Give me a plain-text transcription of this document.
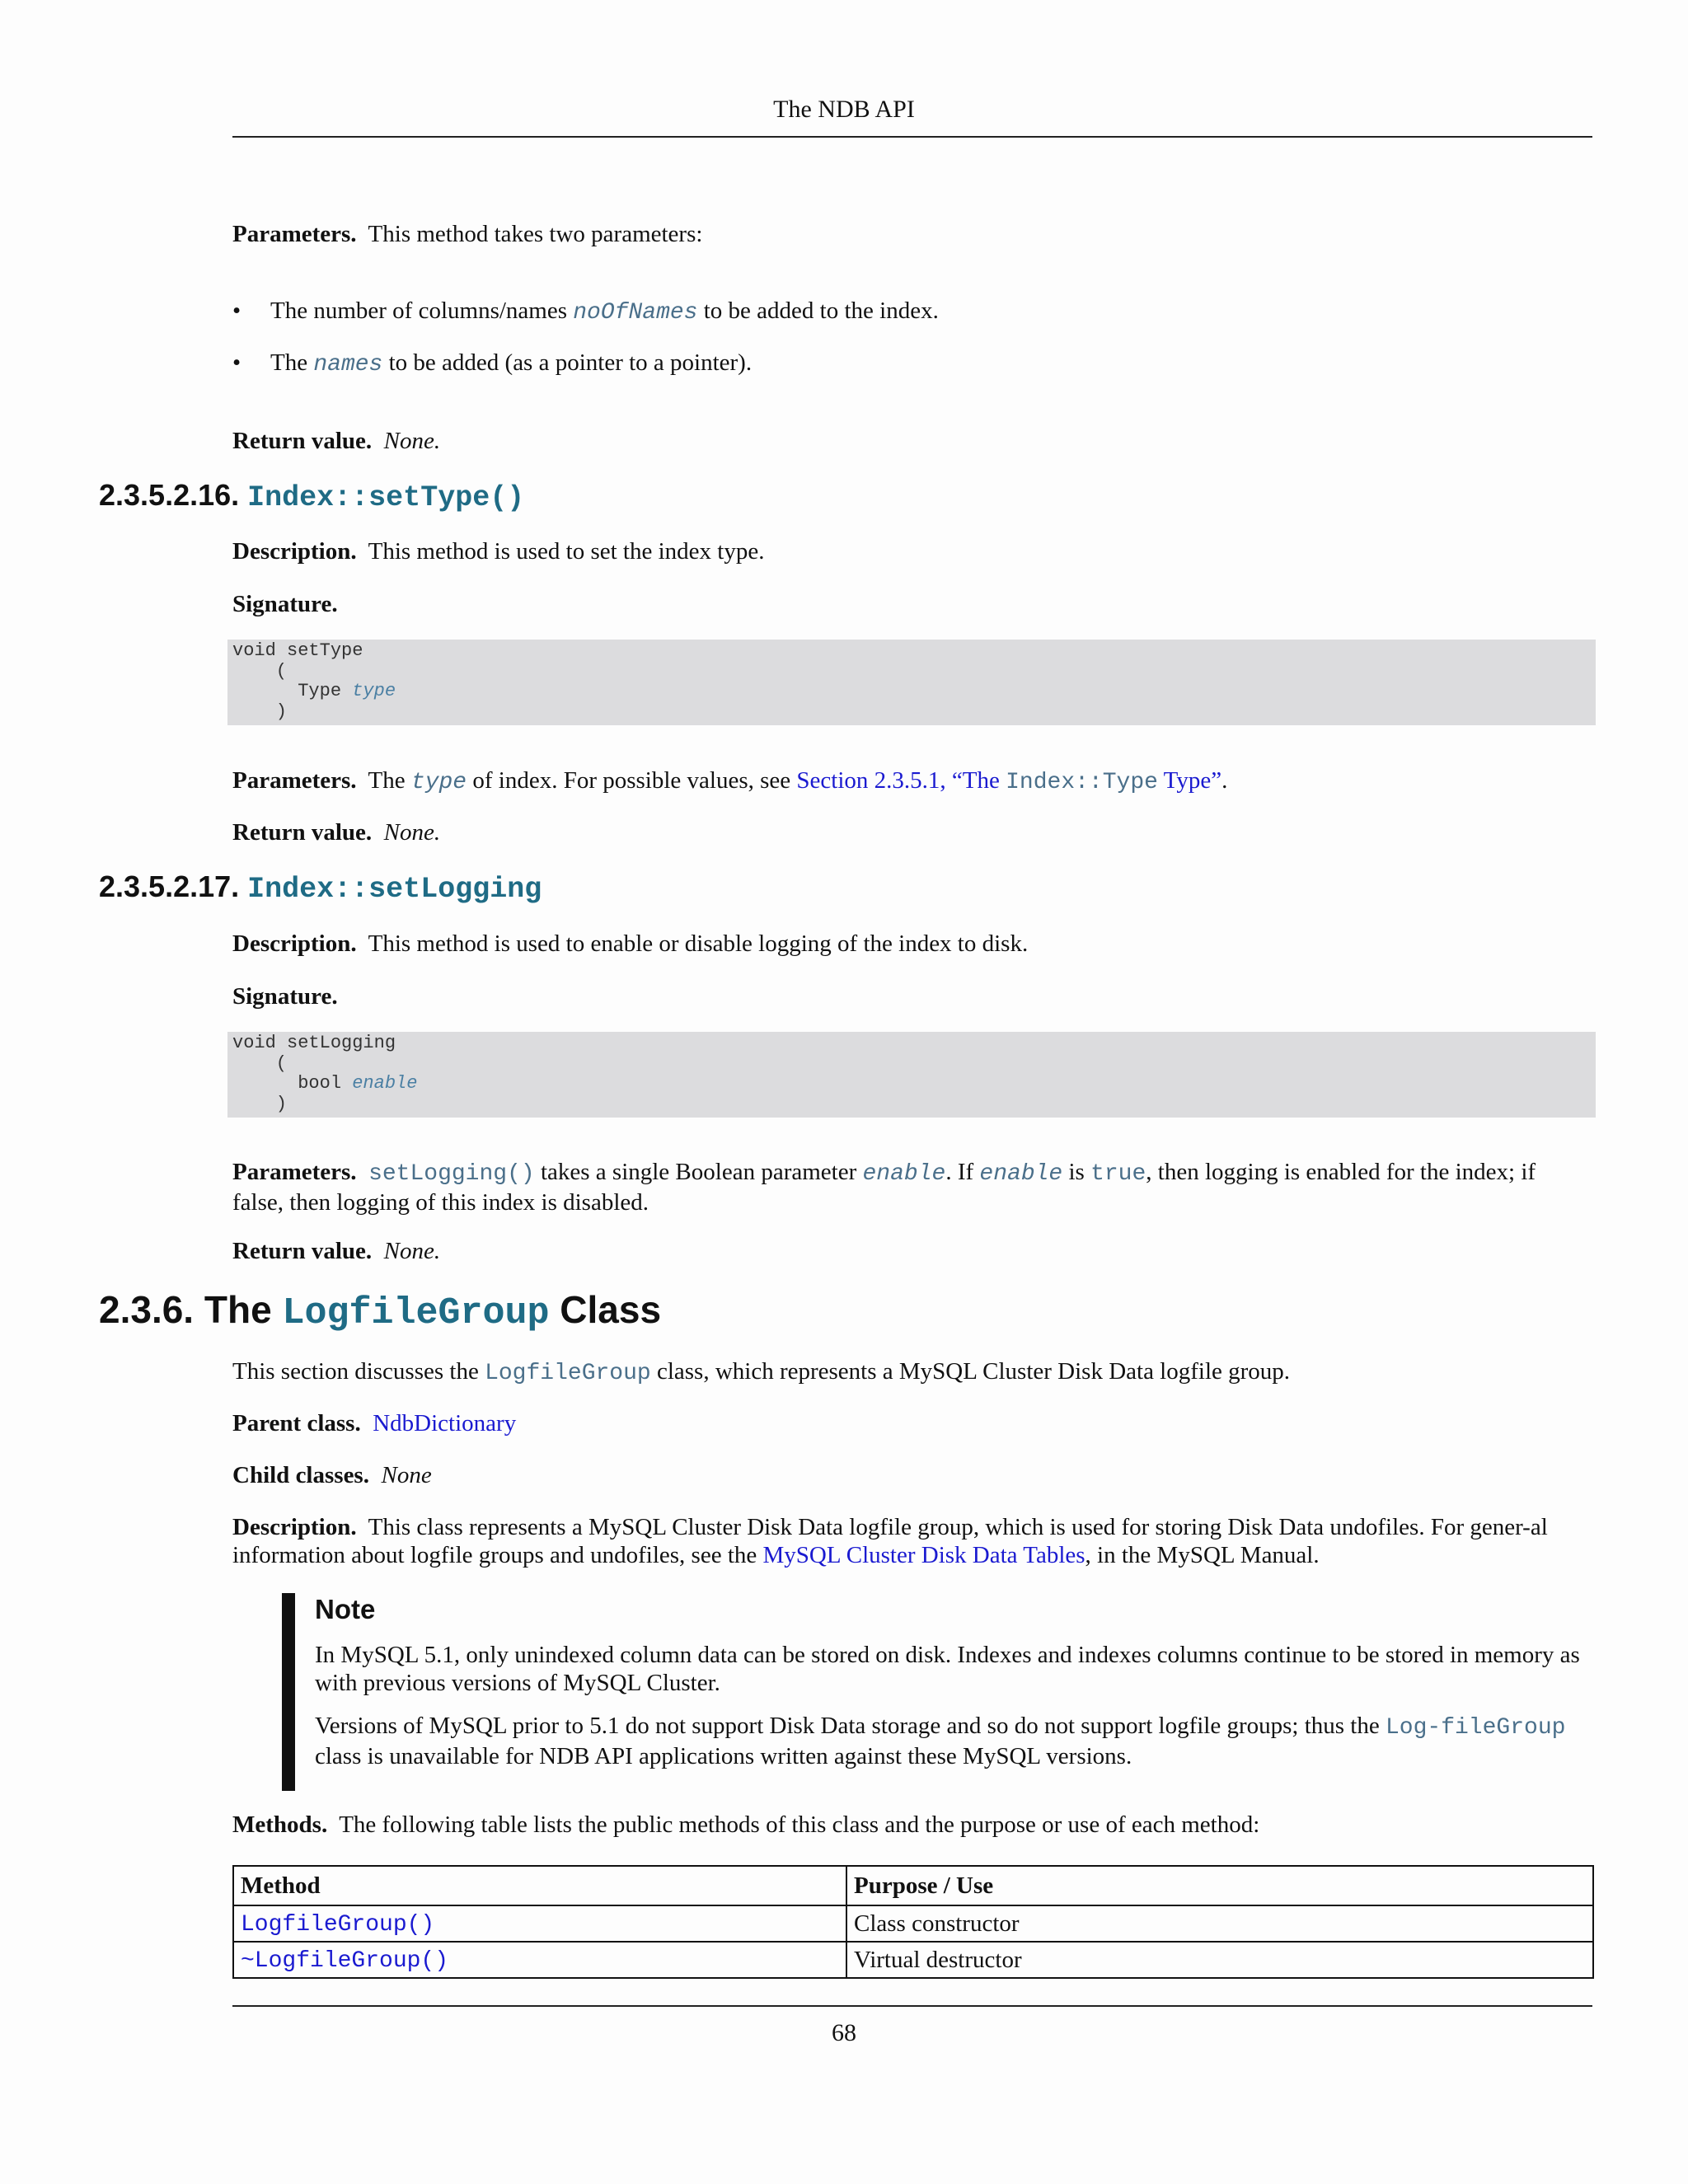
The NDB API
Parameters. This method takes two parameters:
• The number of columns/names noOfNames to be added to the index.
• The names to be added (as a pointer to a pointer).
Return value. None.
2.3.5.2.16. Index::setType()
Description. This method is used to set the index type.
Signature.
void setType
(
Type type
)
Parameters. The type of index. For possible values, see Section 2.3.5.1, “The Index::Type Type”.
Return value. None.
2.3.5.2.17. Index::setLogging
Description. This method is used to enable or disable logging of the index to disk.
Signature.
void setLogging
(
bool enable
)
Parameters. setLogging() takes a single Boolean parameter enable. If enable is true, then logging is enabled for the index; if false, then logging of this index is disabled.
Return value. None.
2.3.6. The LogfileGroup Class
This section discusses the LogfileGroup class, which represents a MySQL Cluster Disk Data logfile group.
Parent class. NdbDictionary
Child classes. None
Description. This class represents a MySQL Cluster Disk Data logfile group, which is used for storing Disk Data undofiles. For gener-al information about logfile groups and undofiles, see the MySQL Cluster Disk Data Tables, in the MySQL Manual.
Note

In MySQL 5.1, only unindexed column data can be stored on disk. Indexes and indexes columns continue to be stored in memory as with previous versions of MySQL Cluster.

Versions of MySQL prior to 5.1 do not support Disk Data storage and so do not support logfile groups; thus the Log-fileGroup class is unavailable for NDB API applications written against these MySQL versions.

Methods. The following table lists the public methods of this class and the purpose or use of each method:
Method	Purpose / Use
LogfileGroup()	Class constructor
~LogfileGroup()	Virtual destructor
68
